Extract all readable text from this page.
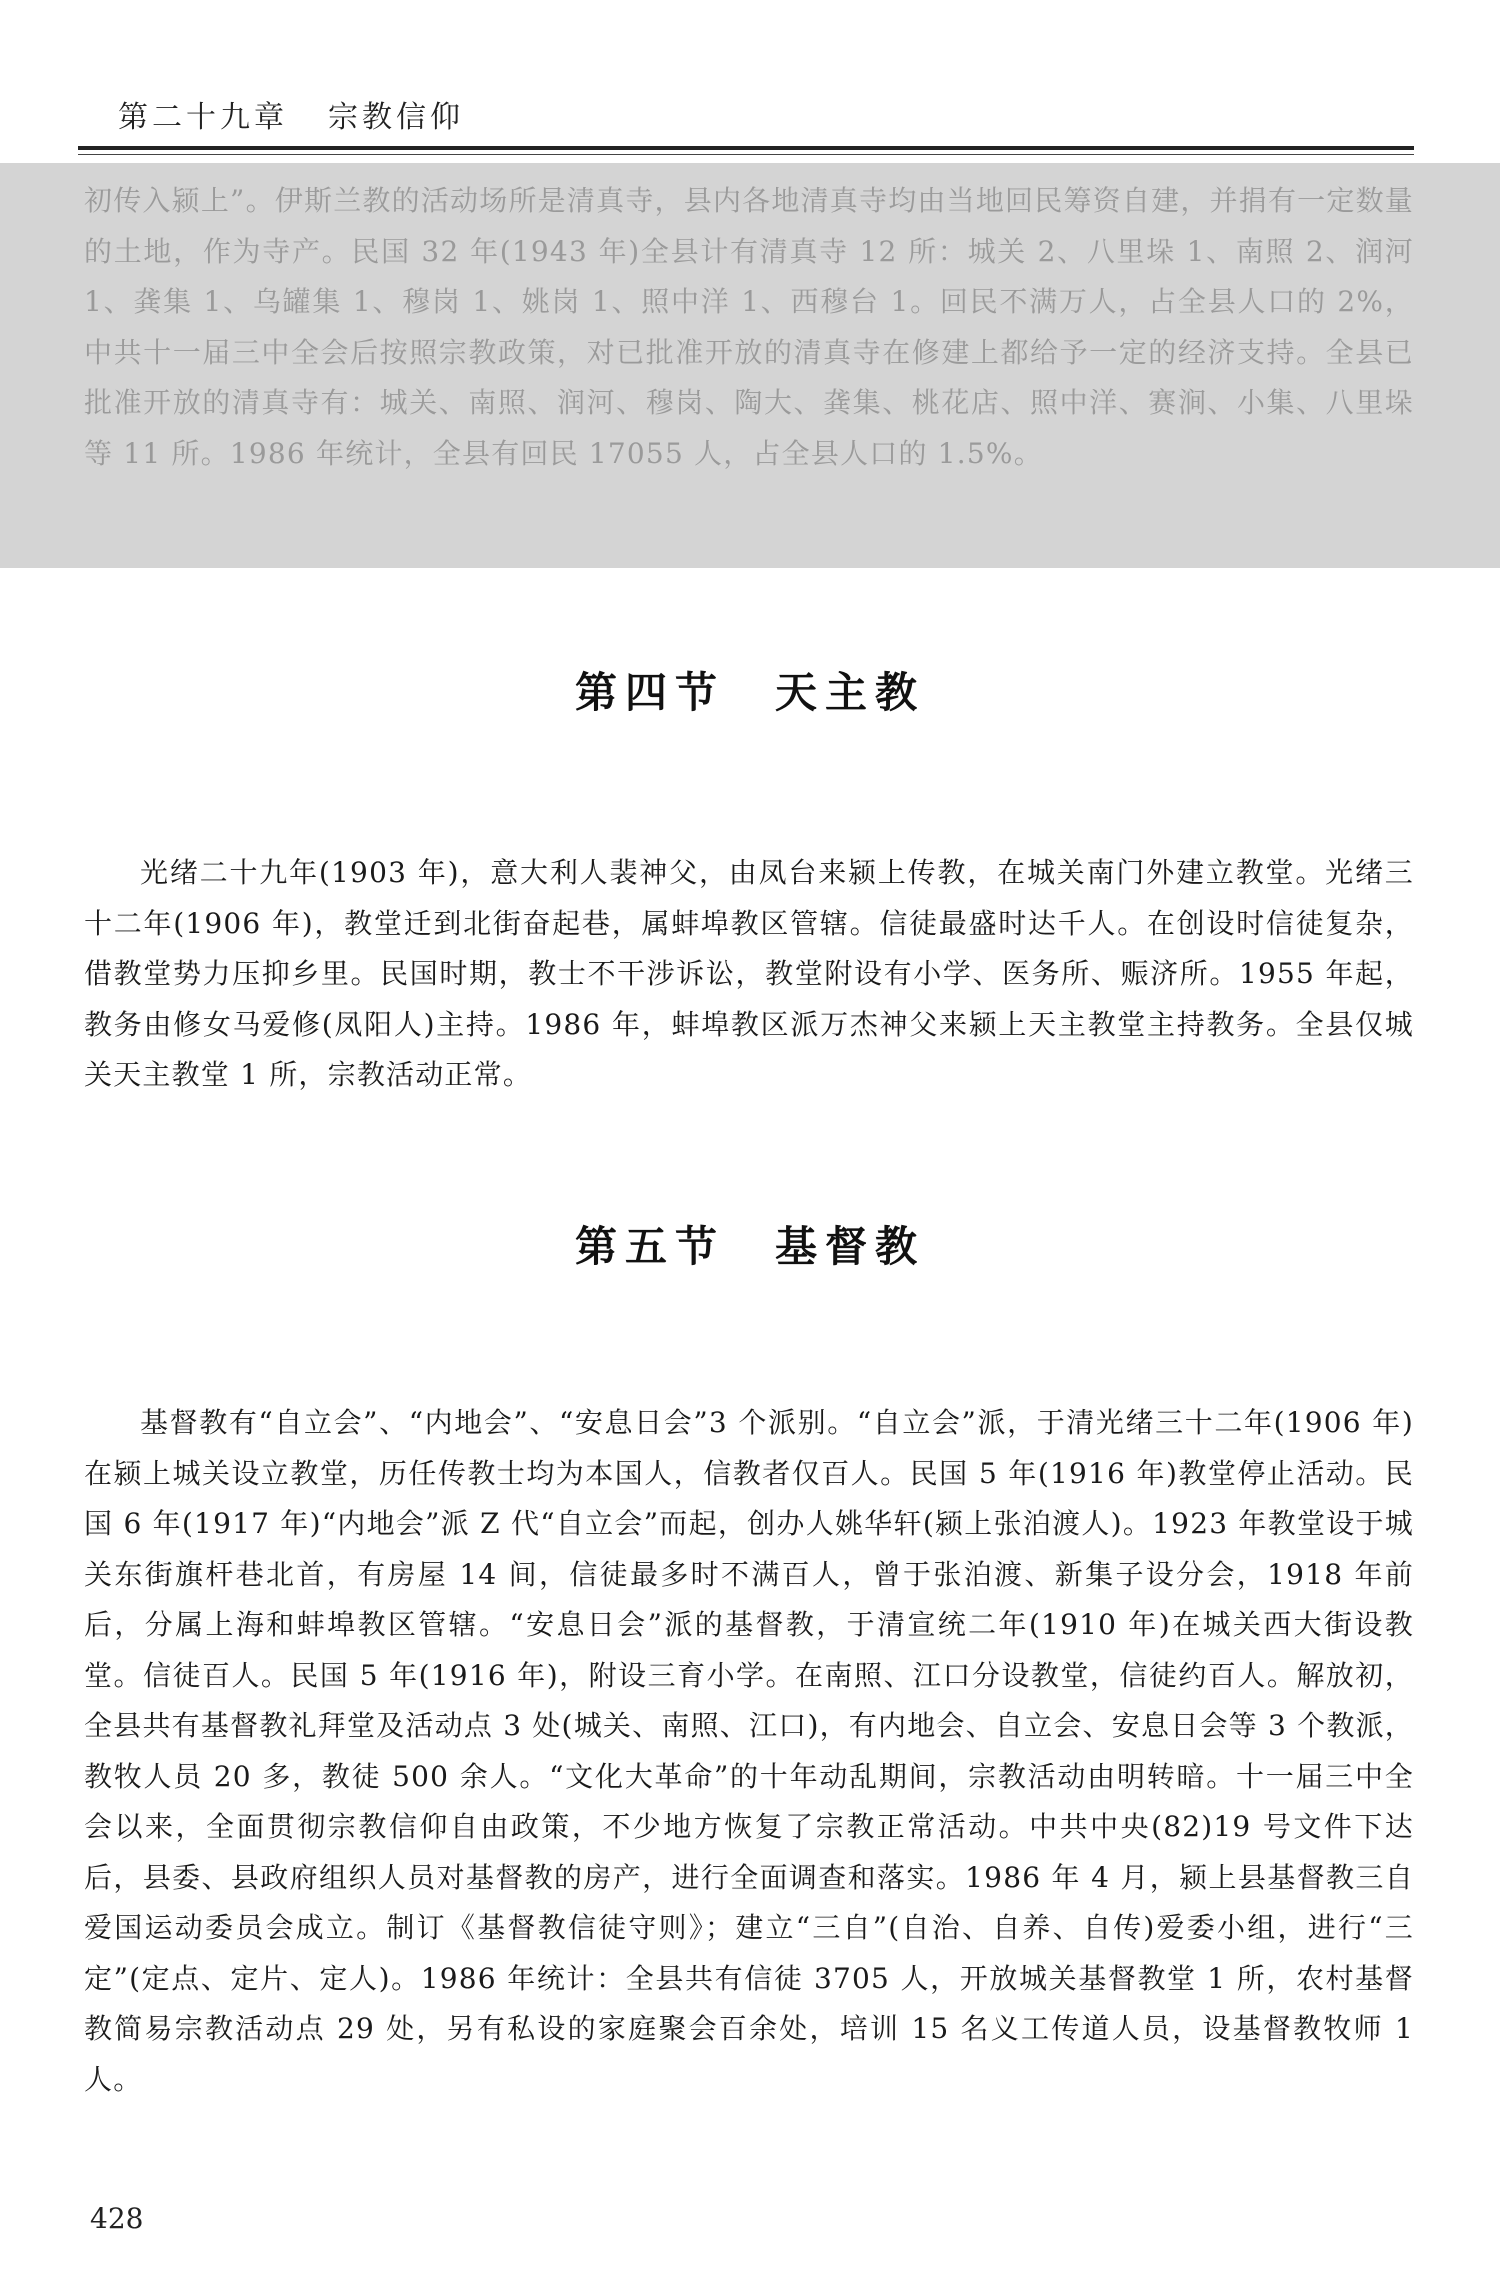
第二十九章 宗教信仰
初传入颍上”。伊斯兰教的活动场所是清真寺，县内各地清真寺均由当地回民筹资自建，并捐有一定数量的土地，作为寺产。民国 32 年(1943 年)全县计有清真寺 12 所：城关 2、八里垛 1、南照 2、润河 1、龚集 1、乌罐集 1、穆岗 1、姚岗 1、照中洋 1、西穆台 1。回民不满万人，占全县人口的 2%，中共十一届三中全会后按照宗教政策，对已批准开放的清真寺在修建上都给予一定的经济支持。全县已批准开放的清真寺有：城关、南照、润河、穆岗、陶大、龚集、桃花店、照中洋、赛涧、小集、八里垛等 11 所。1986 年统计，全县有回民 17055 人，占全县人口的 1.5%。
第四节 天主教
光绪二十九年(1903 年)，意大利人裴神父，由凤台来颍上传教，在城关南门外建立教堂。光绪三十二年(1906 年)，教堂迁到北街奋起巷，属蚌埠教区管辖。信徒最盛时达千人。在创设时信徒复杂，借教堂势力压抑乡里。民国时期，教士不干涉诉讼，教堂附设有小学、医务所、赈济所。1955 年起，教务由修女马爱修(凤阳人)主持。1986 年，蚌埠教区派万杰神父来颍上天主教堂主持教务。全县仅城关天主教堂 1 所，宗教活动正常。
第五节 基督教
基督教有“自立会”、“内地会”、“安息日会”3 个派别。“自立会”派，于清光绪三十二年(1906 年)在颍上城关设立教堂，历任传教士均为本国人，信教者仅百人。民国 5 年(1916 年)教堂停止活动。民国 6 年(1917 年)“内地会”派 Z 代“自立会”而起，创办人姚华轩(颍上张泊渡人)。1923 年教堂设于城关东街旗杆巷北首，有房屋 14 间，信徒最多时不满百人，曾于张泊渡、新集子设分会，1918 年前后，分属上海和蚌埠教区管辖。“安息日会”派的基督教，于清宣统二年(1910 年)在城关西大街设教堂。信徒百人。民国 5 年(1916 年)，附设三育小学。在南照、江口分设教堂，信徒约百人。解放初，全县共有基督教礼拜堂及活动点 3 处(城关、南照、江口)，有内地会、自立会、安息日会等 3 个教派，教牧人员 20 多，教徒 500 余人。“文化大革命”的十年动乱期间，宗教活动由明转暗。十一届三中全会以来，全面贯彻宗教信仰自由政策，不少地方恢复了宗教正常活动。中共中央(82)19 号文件下达后，县委、县政府组织人员对基督教的房产，进行全面调查和落实。1986 年 4 月，颍上县基督教三自爱国运动委员会成立。制订《基督教信徒守则》；建立“三自”(自治、自养、自传)爱委小组，进行“三定”(定点、定片、定人)。1986 年统计：全县共有信徒 3705 人，开放城关基督教堂 1 所，农村基督教简易宗教活动点 29 处，另有私设的家庭聚会百余处，培训 15 名义工传道人员，设基督教牧师 1 人。
428
